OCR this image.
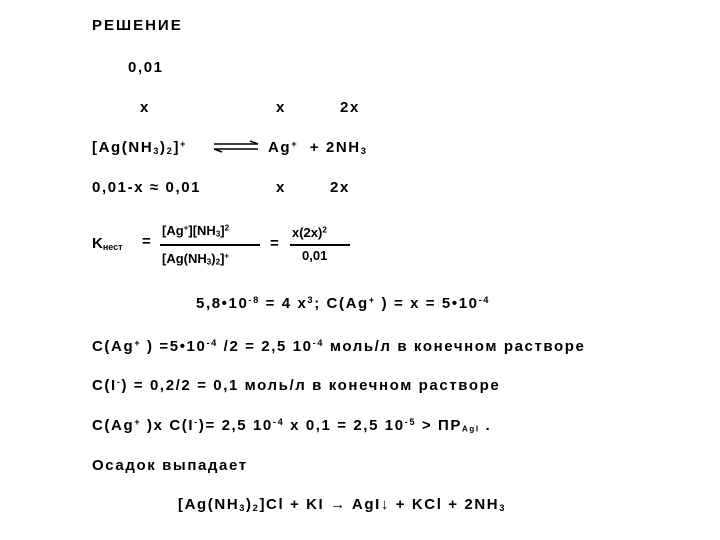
РЕШЕНИЕ
0,01
x	x	2x
$[Ag(NH_3)_2]^+$ ⇌ $Ag^+ + 2NH_3$
0,01-x ≈ 0,01	x	2x
$K_{нест}$ =
$[Ag^+][NH_3]^2$
$[Ag(NH_3)_2]^+$
=
$x(2x)^2$
0,01
$5,8•10^{-8} = 4$ $x^3$; C(Ag+ ) = $x = 5•10^{-4}$
C(Ag+ ) $=5•10^{-4}$ /2 = 2,5 $10^{-4}$ моль/л в конечном растворе
C(I-) = 0,2/2 = 0,1 моль/л в конечном растворе
C(Ag+ )x C(I-)= 2,5 $10^{-4}$ x 0,1 = 2,5 $10^{-5} > ПР_{AgI}$ .
Осадок выпадает
$[Ag(NH_3)_2]Cl$ + KI → AgI↓ + KCl + $2NH_3$
